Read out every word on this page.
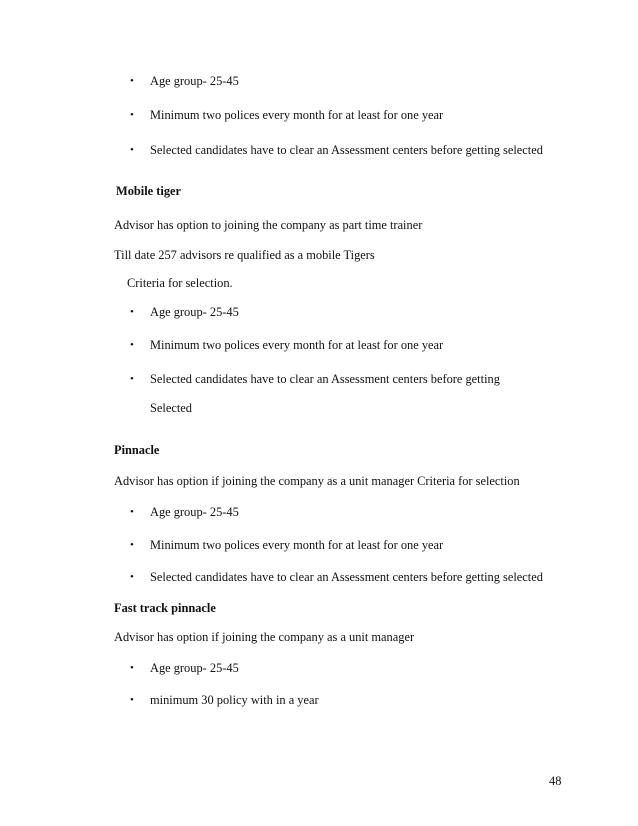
• Age group- 25-45
• Minimum two polices every month for at least for one year
• Selected candidates have to clear an Assessment centers before getting selected
Mobile tiger
Advisor has option to joining the company as part time trainer
Till date 257 advisors re qualified as a mobile Tigers
Criteria for selection.
• Age group- 25-45
• Minimum two polices every month for at least for one year
• Selected candidates have to clear an Assessment centers before getting
Selected
Pinnacle
Advisor has option if joining the company as a unit manager Criteria for selection
• Age group- 25-45
• Minimum two polices every month for at least for one year
• Selected candidates have to clear an Assessment centers before getting selected
Fast track pinnacle
Advisor has option if joining the company as a unit manager
• Age group- 25-45
• minimum 30 policy with in a year
48
